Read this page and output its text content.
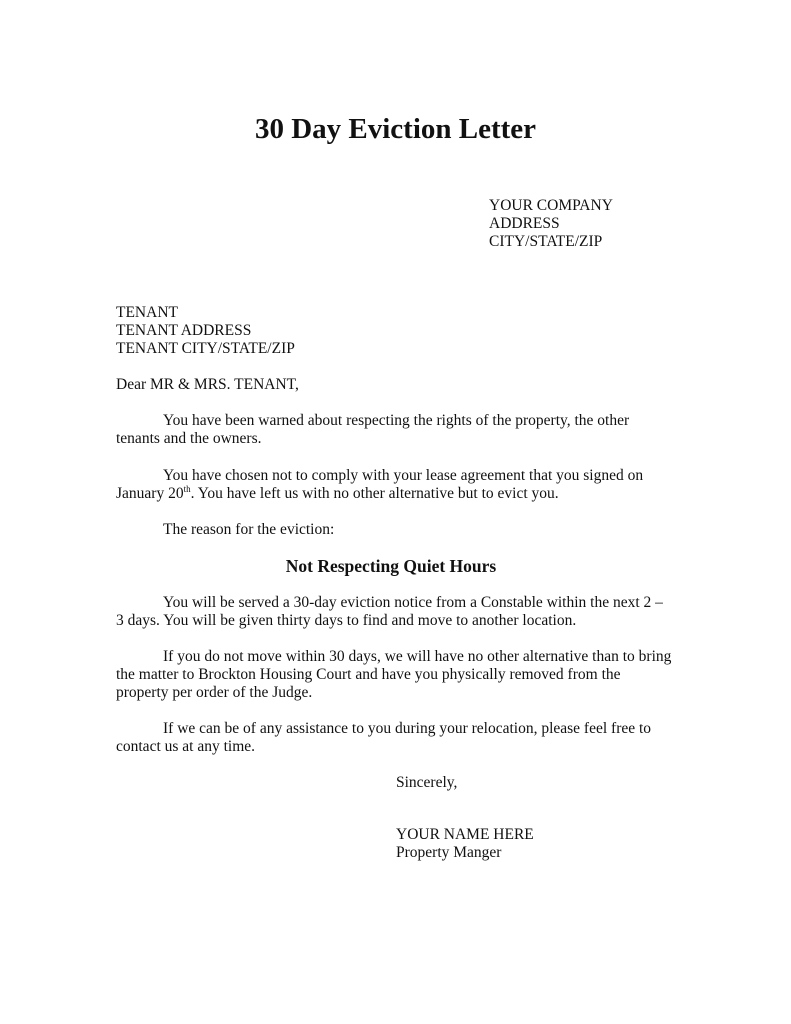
30 Day Eviction Letter
YOUR COMPANY
ADDRESS
CITY/STATE/ZIP
TENANT
TENANT ADDRESS
TENANT CITY/STATE/ZIP
Dear MR & MRS. TENANT,
You have been warned about respecting the rights of the property, the other
tenants and the owners.
You have chosen not to comply with your lease agreement that you signed on
January 20th. You have left us with no other alternative but to evict you.
The reason for the eviction:
Not Respecting Quiet Hours
You will be served a 30-day eviction notice from a Constable within the next 2 –
3 days. You will be given thirty days to find and move to another location.
If you do not move within 30 days, we will have no other alternative than to bring
the matter to Brockton Housing Court and have you physically removed from the
property per order of the Judge.
If we can be of any assistance to you during your relocation, please feel free to
contact us at any time.
Sincerely,
YOUR NAME HERE
Property Manger
